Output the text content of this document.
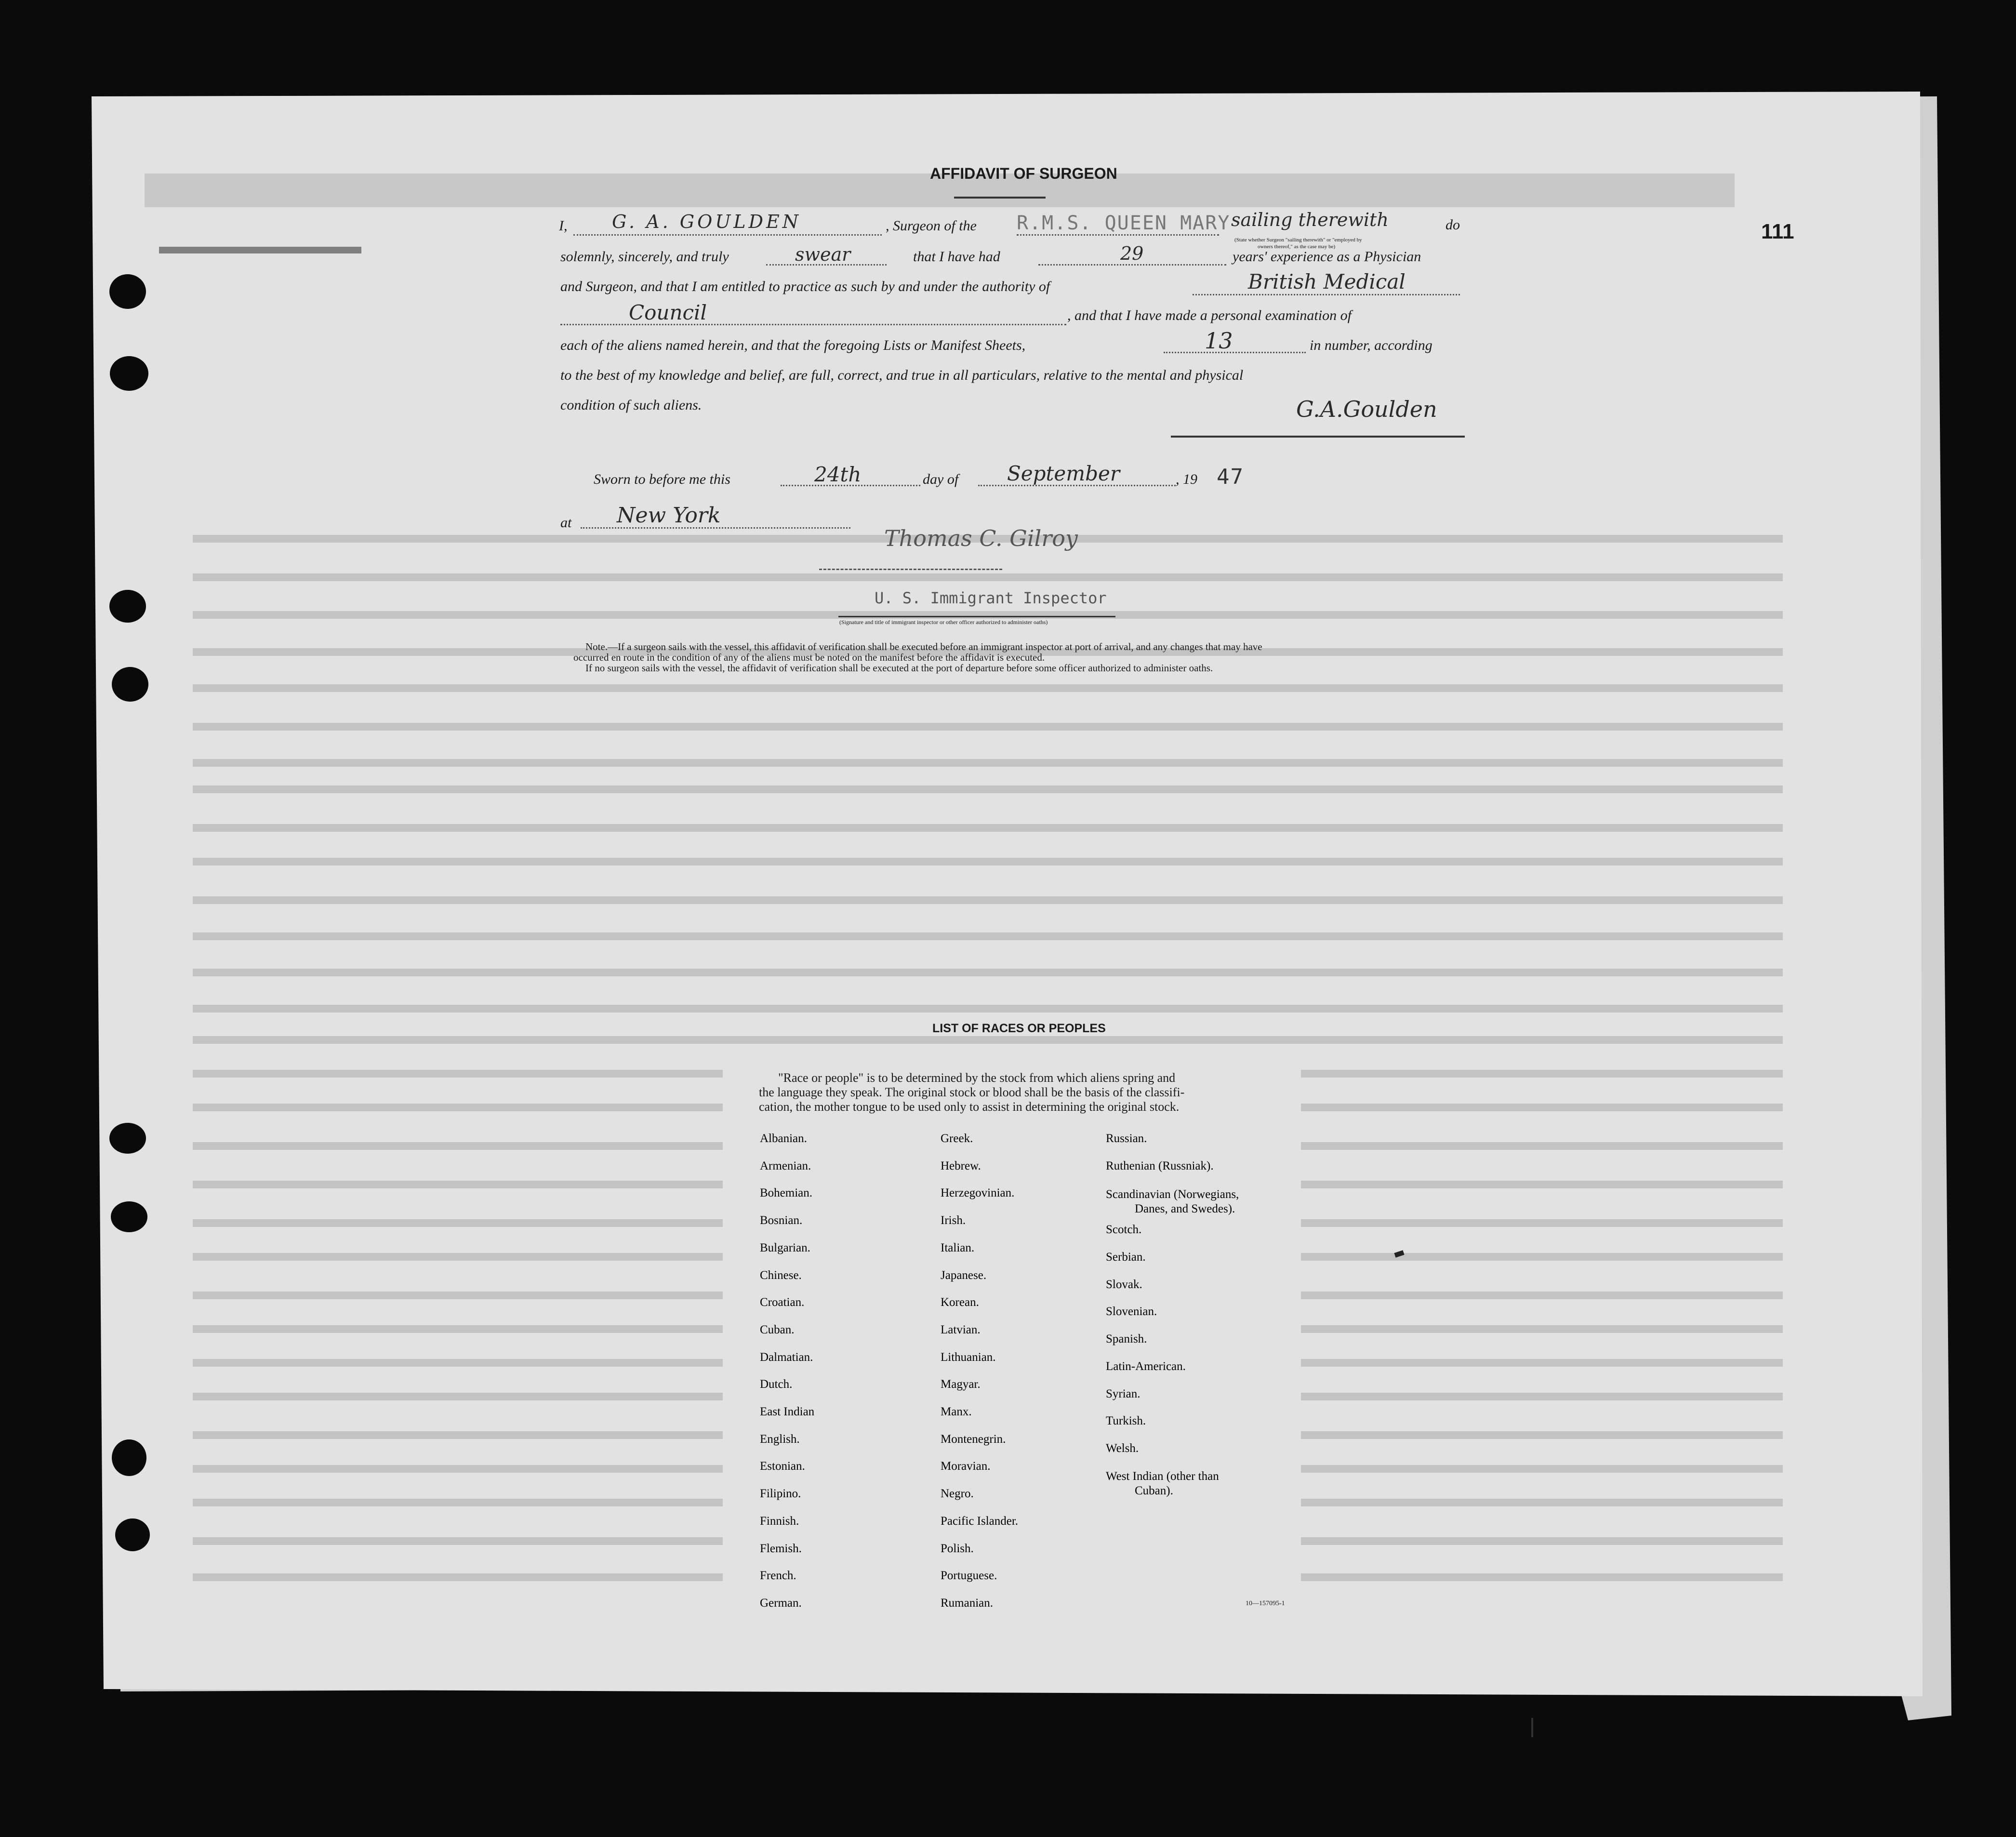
111
AFFIDAVIT OF SURGEON
I, G. A. GOULDEN	, Surgeon of the R.M.S. QUEEN MARY sailing therewith	do
(State whether Surgeon "sailing therewith" or "employed by
owners thereof," as the case may be)
solemnly, sincerely, and truly	swear	that I have had	29	years' experience as a Physician
and Surgeon, and that I am entitled to practice as such by and under the authority of	British Medical
Council	, and that I have made a personal examination of
each of the aliens named herein, and that the foregoing Lists or Manifest Sheets,	13	in number, according
to the best of my knowledge and belief, are full, correct, and true in all particulars, relative to the mental and physical
condition of such aliens.	G.A.Goulden
Sworn to before me this	24th	day of September	, 19 47
at New York
Thomas C. Gilroy
U. S. Immigrant Inspector
(Signature and title of immigrant inspector or other officer authorized to administer oaths)
Note.—If a surgeon sails with the vessel, this affidavit of verification shall be executed before an immigrant inspector at port of arrival, and any changes that may have
occurred en route in the condition of any of the aliens must be noted on the manifest before the affidavit is executed.
If no surgeon sails with the vessel, the affidavit of verification shall be executed at the port of departure before some officer authorized to administer oaths.
LIST OF RACES OR PEOPLES
"Race or people" is to be determined by the stock from which aliens spring and
the language they speak. The original stock or blood shall be the basis of the classifi-
cation, the mother tongue to be used only to assist in determining the original stock.
Albanian.
Armenian.
Bohemian.
Bosnian.
Bulgarian.
Chinese.
Croatian.
Cuban.
Dalmatian.
Dutch.
East Indian
English.
Estonian.
Filipino.
Finnish.
Flemish.
French.
German.
Greek.
Hebrew.
Herzegovinian.
Irish.
Italian.
Japanese.
Korean.
Latvian.
Lithuanian.
Magyar.
Manx.
Montenegrin.
Moravian.
Negro.
Pacific Islander.
Polish.
Portuguese.
Rumanian.
Russian.
Ruthenian (Russniak).
Scandinavian (Norwegians,
Danes, and Swedes).
Scotch.
Serbian.
Slovak.
Slovenian.
Spanish.
Latin-American.
Syrian.
Turkish.
Welsh.
West Indian (other than
Cuban).
10—157095-1
